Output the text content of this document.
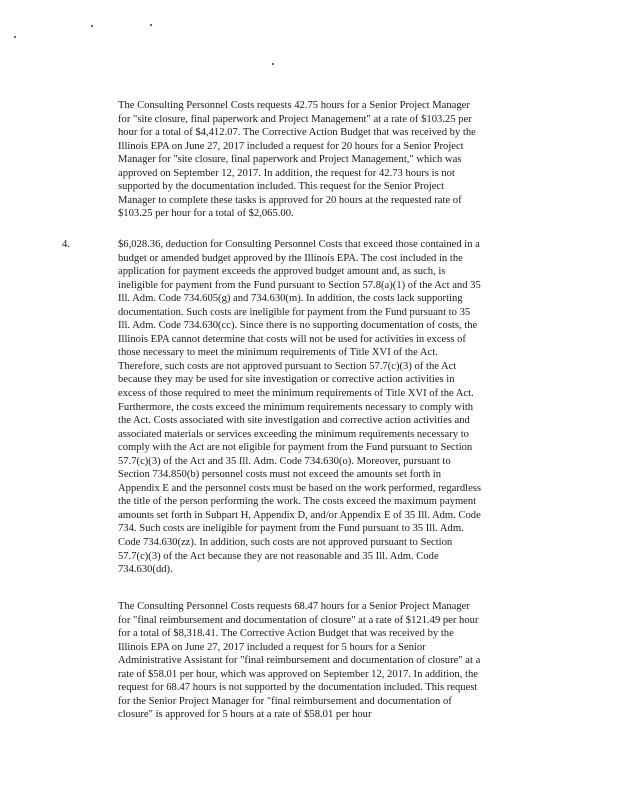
The Consulting Personnel Costs requests 42.75 hours for a Senior Project Manager
for "site closure, final paperwork and Project Management" at a rate of $103.25 per
hour for a total of $4,412.07. The Corrective Action Budget that was received by the
Illinois EPA on June 27, 2017 included a request for 20 hours for a Senior Project
Manager for "site closure, final paperwork and Project Management," which was
approved on September 12, 2017. In addition, the request for 42.73 hours is not
supported by the documentation included. This request for the Senior Project
Manager to complete these tasks is approved for 20 hours at the requested rate of
$103.25 per hour for a total of $2,065.00.
4.	$6,028.36, deduction for Consulting Personnel Costs that exceed those contained in a
budget or amended budget approved by the Illinois EPA. The cost included in the
application for payment exceeds the approved budget amount and, as such, is
ineligible for payment from the Fund pursuant to Section 57.8(a)(1) of the Act and 35
Ill. Adm. Code 734.605(g) and 734.630(m). In addition, the costs lack supporting
documentation. Such costs are ineligible for payment from the Fund pursuant to 35
Ill. Adm. Code 734.630(cc). Since there is no supporting documentation of costs, the
Illinois EPA cannot determine that costs will not be used for activities in excess of
those necessary to meet the minimum requirements of Title XVI of the Act.
Therefore, such costs are not approved pursuant to Section 57.7(c)(3) of the Act
because they may be used for site investigation or corrective action activities in
excess of those required to meet the minimum requirements of Title XVI of the Act.
Furthermore, the costs exceed the minimum requirements necessary to comply with
the Act. Costs associated with site investigation and corrective action activities and
associated materials or services exceeding the minimum requirements necessary to
comply with the Act are not eligible for payment from the Fund pursuant to Section
57.7(c)(3) of the Act and 35 Ill. Adm. Code 734.630(o). Moreover, pursuant to
Section 734.850(b) personnel costs must not exceed the amounts set forth in
Appendix E and the personnel costs must be based on the work performed, regardless
the title of the person performing the work. The costs exceed the maximum payment
amounts set forth in Subpart H, Appendix D, and/or Appendix E of 35 Ill. Adm. Code
734. Such costs are ineligible for payment from the Fund pursuant to 35 Ill. Adm.
Code 734.630(zz). In addition, such costs are not approved pursuant to Section
57.7(c)(3) of the Act because they are not reasonable and 35 Ill. Adm. Code
734.630(dd).
The Consulting Personnel Costs requests 68.47 hours for a Senior Project Manager
for "final reimbursement and documentation of closure" at a rate of $121.49 per hour
for a total of $8,318.41. The Corrective Action Budget that was received by the
Illinois EPA on June 27, 2017 included a request for 5 hours for a Senior
Administrative Assistant for "final reimbursement and documentation of closure" at a
rate of $58.01 per hour, which was approved on September 12, 2017. In addition, the
request for 68.47 hours is not supported by the documentation included. This request
for the Senior Project Manager for "final reimbursement and documentation of
closure" is approved for 5 hours at a rate of $58.01 per hour
